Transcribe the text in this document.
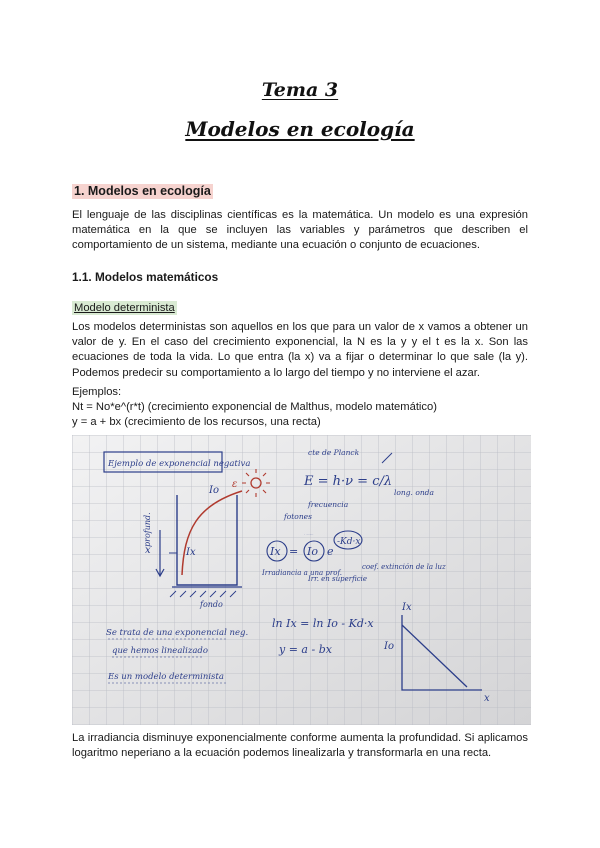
Tema 3
Modelos en ecología
1. Modelos en ecología
El lenguaje de las disciplinas científicas es la matemática. Un modelo es una expresión matemática en la que se incluyen las variables y parámetros que describen el comportamiento de un sistema, mediante una ecuación o conjunto de ecuaciones.
1.1. Modelos matemáticos
Modelo determinista
Los modelos deterministas son aquellos en los que para un valor de x vamos a obtener un valor de y. En el caso del crecimiento exponencial, la N es la y y el t es la x. Son las ecuaciones de toda la vida. Lo que entra (la x) va a fijar o determinar lo que sale (la y). Podemos predecir su comportamiento a lo largo del tiempo y no interviene el azar.
Ejemplos:
Nt = No*e^(r*t) (crecimiento exponencial de Malthus, modelo matemático)
y = a + bx (crecimiento de los recursos, una recta)
Ejemplo de exponencial negativa
fondo
Io
ε
profund.
x	Ix
cte de Planck
E = h·ν = c/λ
frecuencia
long. onda
fotones
Ix = Io e
-Kd·x
Irradiancia a una prof.
Irr. en superficie
coef. extinción de la luz
Ix = Io · e^(-Kd·x)
ln Ix = ln Io - Kd·x
y = a - bx
Se trata de una exponencial neg.
que hemos linealizado
Es un modelo determinista
Ix
Io
x
La irradiancia disminuye exponencialmente conforme aumenta la profundidad. Si aplicamos logaritmo neperiano a la ecuación podemos linealizarla y transformarla en una recta.
